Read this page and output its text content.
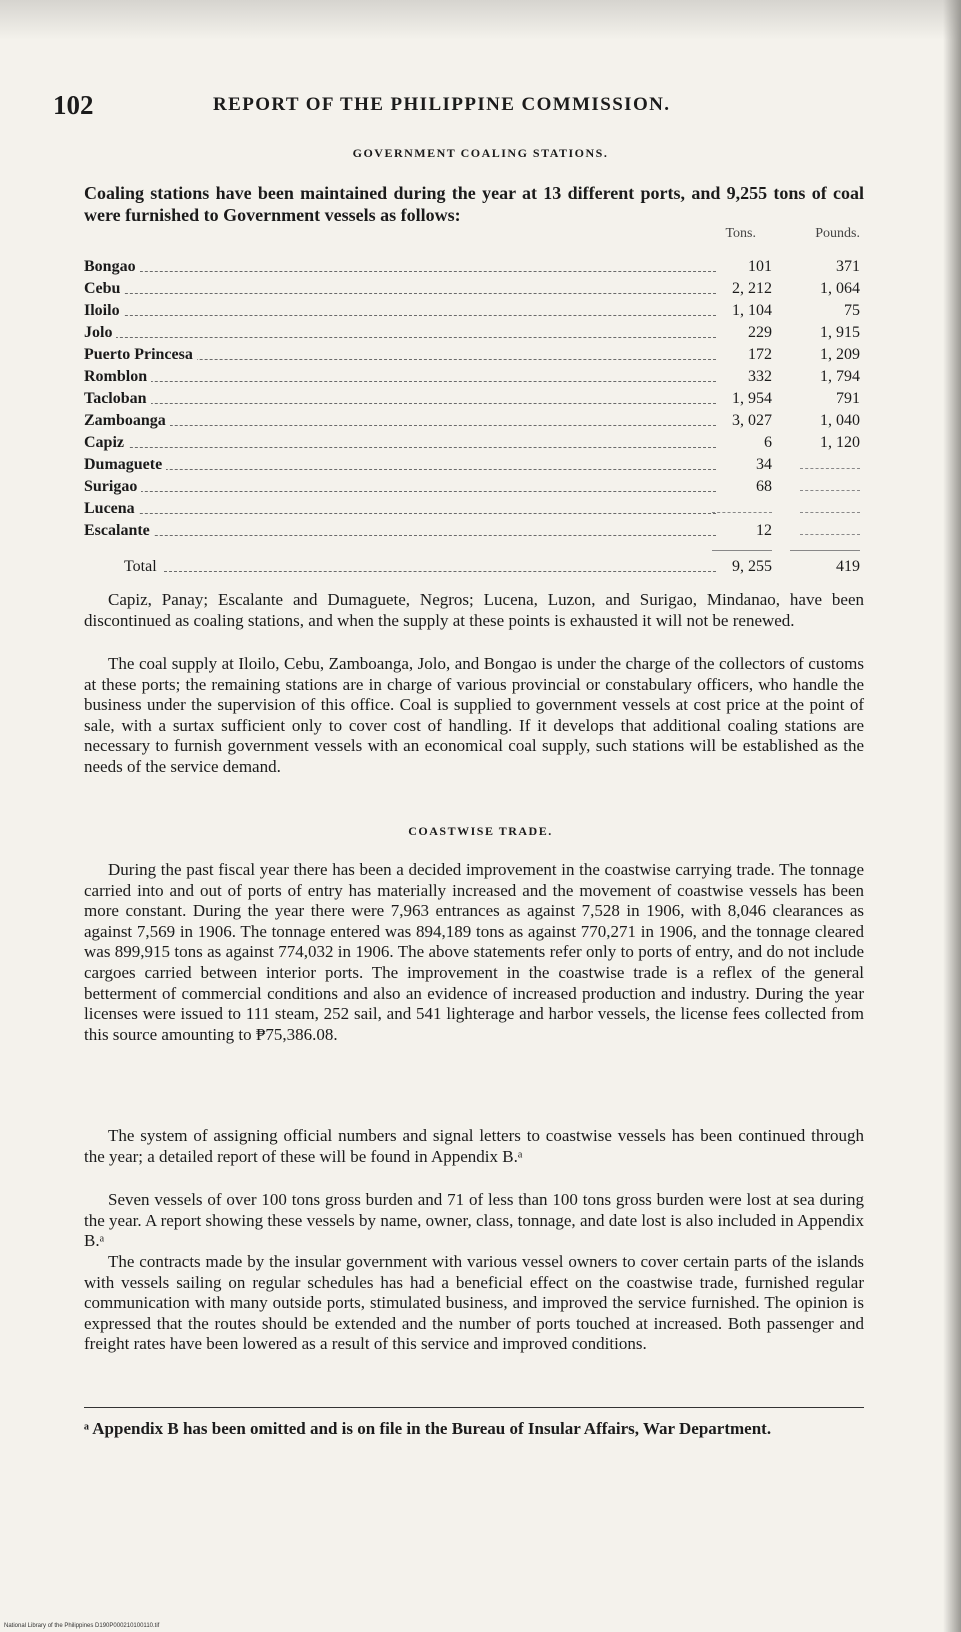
102	REPORT OF THE PHILIPPINE COMMISSION.
GOVERNMENT COALING STATIONS.
Coaling stations have been maintained during the year at 13 different ports, and 9,255 tons of coal were furnished to Government vessels as follows:
Tons.	Pounds.
Bongao	101	371
Cebu	2, 212	1, 064
Iloilo	1, 104	75
Jolo	229	1, 915
Puerto Princesa	172	1, 209
Romblon	332	1, 794
Tacloban	1, 954	791
Zamboanga	3, 027	1, 040
Capiz	6	1, 120
Dumaguete	34
Surigao	68
Lucena
Escalante	12
Total	9, 255	419
Capiz, Panay; Escalante and Dumaguete, Negros; Lucena, Luzon, and Surigao, Mindanao, have been discontinued as coaling stations, and when the supply at these points is exhausted it will not be renewed.
The coal supply at Iloilo, Cebu, Zamboanga, Jolo, and Bongao is under the charge of the collectors of customs at these ports; the remaining stations are in charge of various provincial or constabulary officers, who handle the business under the supervision of this office. Coal is supplied to government vessels at cost price at the point of sale, with a surtax sufficient only to cover cost of handling. If it develops that additional coaling stations are necessary to furnish government vessels with an economical coal supply, such stations will be established as the needs of the service demand.
COASTWISE TRADE.
During the past fiscal year there has been a decided improvement in the coastwise carrying trade. The tonnage carried into and out of ports of entry has materially increased and the movement of coastwise vessels has been more constant. During the year there were 7,963 entrances as against 7,528 in 1906, with 8,046 clearances as against 7,569 in 1906. The tonnage entered was 894,189 tons as against 770,271 in 1906, and the tonnage cleared was 899,915 tons as against 774,032 in 1906. The above statements refer only to ports of entry, and do not include cargoes carried between interior ports. The improvement in the coastwise trade is a reflex of the general betterment of commercial conditions and also an evidence of increased production and industry. During the year licenses were issued to 111 steam, 252 sail, and 541 lighterage and harbor vessels, the license fees collected from this source amounting to ₱75,386.08.
The system of assigning official numbers and signal letters to coastwise vessels has been continued through the year; a detailed report of these will be found in Appendix B.ᵃ
Seven vessels of over 100 tons gross burden and 71 of less than 100 tons gross burden were lost at sea during the year. A report showing these vessels by name, owner, class, tonnage, and date lost is also included in Appendix B.ᵃ
The contracts made by the insular government with various vessel owners to cover certain parts of the islands with vessels sailing on regular schedules has had a beneficial effect on the coastwise trade, furnished regular communication with many outside ports, stimulated business, and improved the service furnished. The opinion is expressed that the routes should be extended and the number of ports touched at increased. Both passenger and freight rates have been lowered as a result of this service and improved conditions.
ᵃ Appendix B has been omitted and is on file in the Bureau of Insular Affairs, War Department.
National Library of the Philippines D190P000210100110.tif
